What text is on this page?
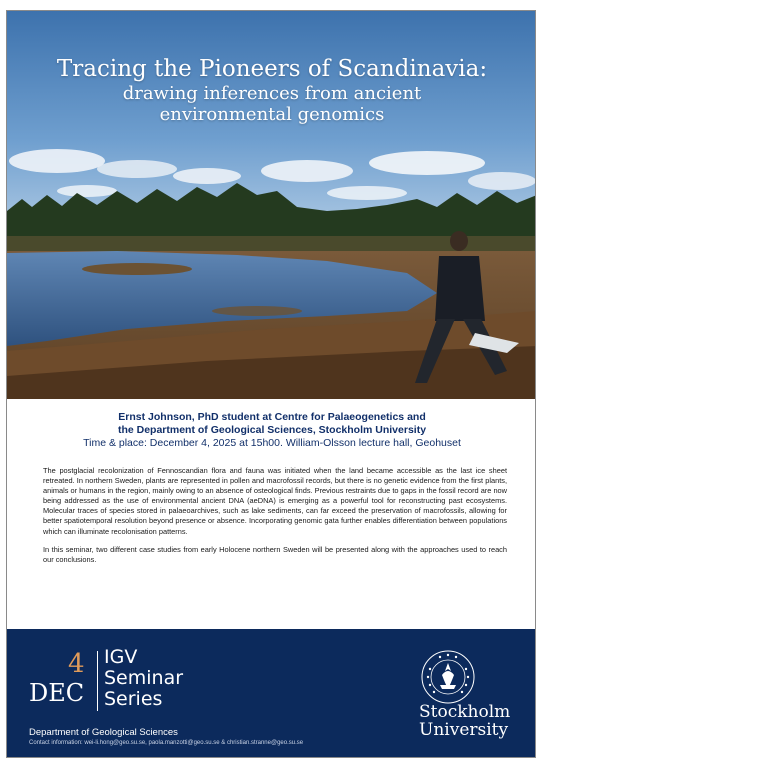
Tracing the Pioneers of Scandinavia:
drawing inferences from ancient
environmental genomics
Ernst Johnson, PhD student at Centre for Palaeogenetics and
the Department of Geological Sciences, Stockholm University
Time & place: December 4, 2025 at 15h00. William-Olsson lecture hall, Geohuset

The postglacial recolonization of Fennoscandian flora and fauna was initiated when the land became accessible as the last ice sheet retreated. In northern Sweden, plants are represented in pollen and macrofossil records, but there is no genetic evidence from the first plants, animals or humans in the region, mainly owing to an absence of osteological finds. Previous restraints due to gaps in the fossil record are now being addressed as the use of environmental ancient DNA (aeDNA) is emerging as a powerful tool for reconstructing past ecosystems. Molecular traces of species stored in palaeoarchives, such as lake sediments, can far exceed the preservation of macrofossils, allowing for better spatiotemporal resolution beyond presence or absence. Incorporating genomic gata further enables differentiation between populations which can illuminate recolonisation patterns.

In this seminar, two different case studies from early Holocene northern Sweden will be presented along with the approaches used to reach our conclusions.

4
DEC
IGV
Seminar
Series
Department of Geological Sciences
Contact information: wei-li.hong@geo.su.se, paola.manzotti@geo.su.se & christian.stranne@geo.su.se
Stockholm
University
